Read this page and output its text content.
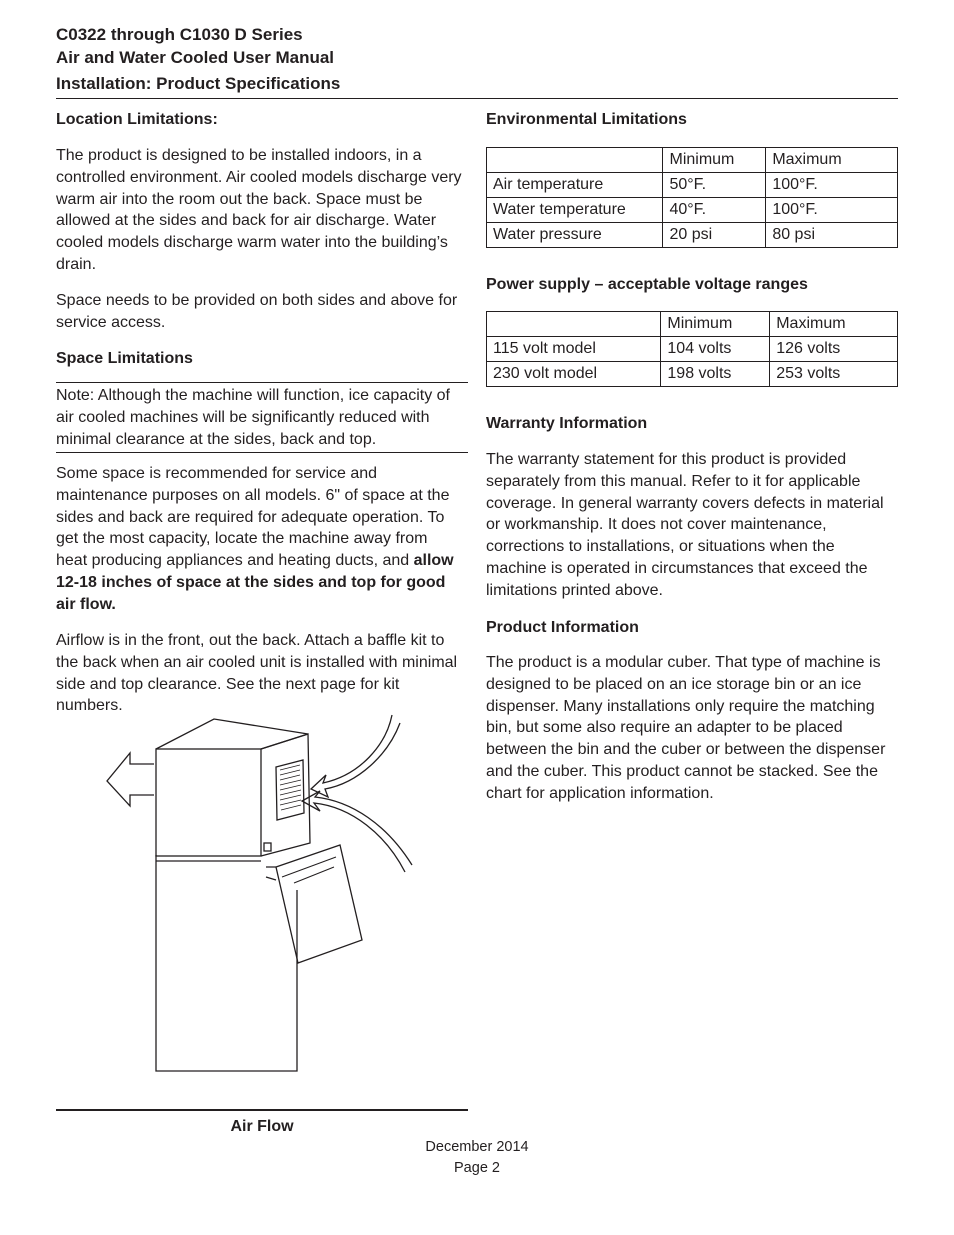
C0322 through C1030 D Series
Air and Water Cooled User Manual
Installation: Product Specifications
Location Limitations:
The product is designed to be installed indoors, in a controlled environment. Air cooled models discharge very warm air into the room out the back. Space must be allowed at the sides and back for air discharge. Water cooled models discharge warm water into the building’s drain.
Space needs to be provided on both sides and above for service access.
Space Limitations
Note: Although the machine will function, ice capacity of air cooled machines will be significantly reduced with minimal clearance at the sides, back and top.
Some space is recommended for service and maintenance purposes on all models. 6" of space at the sides and back are required for adequate operation. To get the most capacity, locate the machine away from heat producing appliances and heating ducts, and allow 12-18 inches of space at the sides and top for good air flow.
Airflow is in the front, out the back. Attach a baffle kit to the back when an air cooled unit is installed with minimal side and top clearance. See the next page for kit numbers.
Air Flow
Environmental Limitations
	Minimum	Maximum
Air temperature	50°F.	100°F.
Water temperature	40°F.	100°F.
Water pressure	20 psi	80 psi
Power supply – acceptable voltage ranges
	Minimum	Maximum
115 volt model	104 volts	126 volts
230 volt model	198 volts	253 volts
Warranty Information
The warranty statement for this product is provided separately from this manual. Refer to it for applicable coverage. In general warranty covers defects in material or workmanship. It does not cover maintenance, corrections to installations, or situations when the machine is operated in circumstances that exceed the limitations printed above.
Product Information
The product is a modular cuber. That type of machine is designed to be placed on an ice storage bin or an ice dispenser. Many installations only require the matching bin, but some also require an adapter to be placed between the bin and the cuber or between the dispenser and the cuber. This product cannot be stacked. See the chart for application information.
December 2014
Page 2
